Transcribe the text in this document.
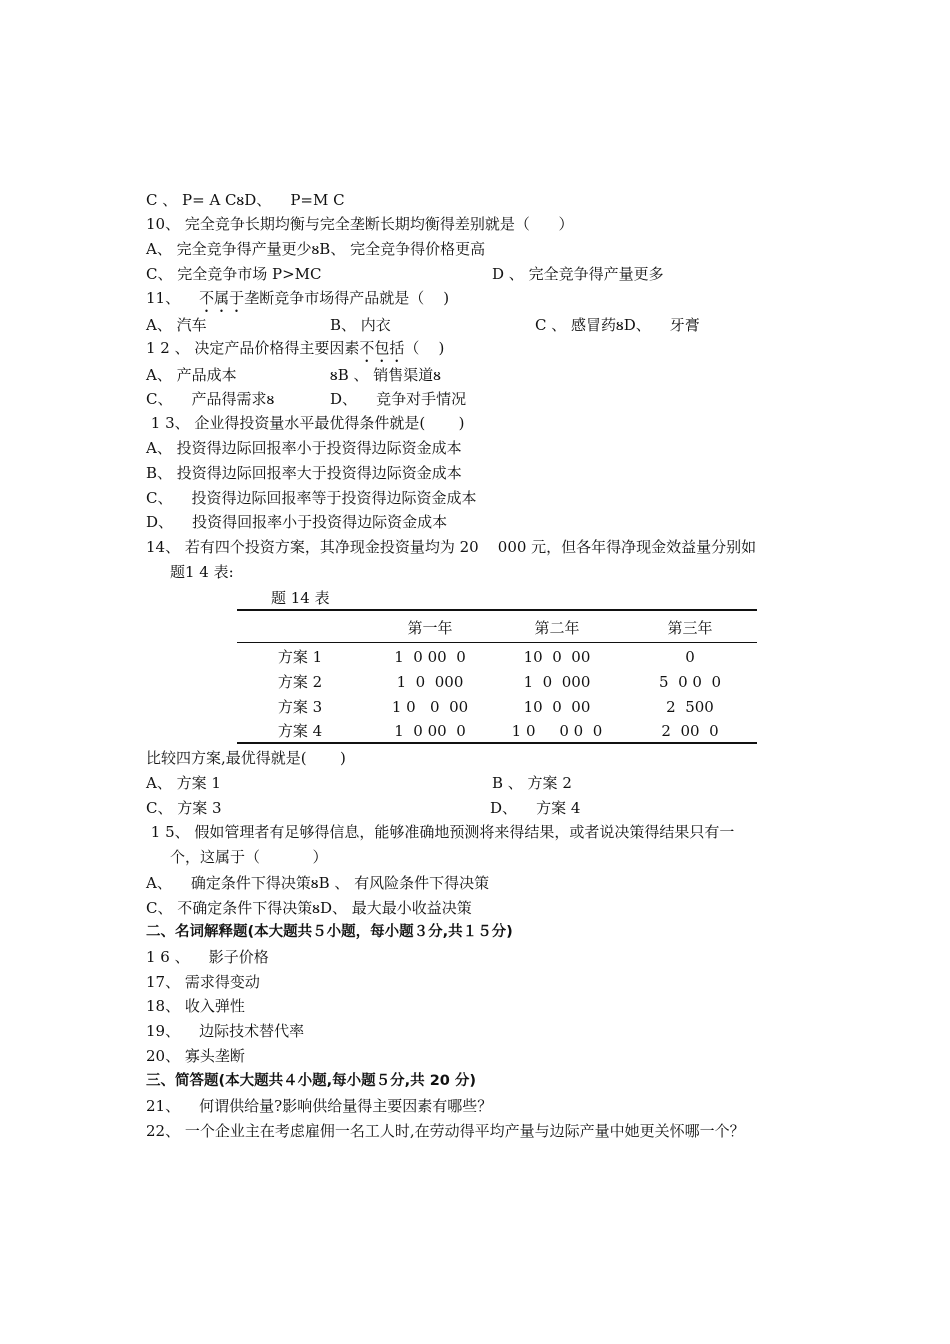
C 、 P= A CᴕD、    P=M C
10、 完全竞争长期均衡与完全垄断长期均衡得差别就是（      ）
A、 完全竞争得产量更少ᴕB、 完全竞争得价格更高
C、 完全竞争市场 P>MC	D 、 完全竞争得产量更多
11、    不属于垄断竞争市场得产品就是（    )
A、 汽车	B、 内衣	C 、 感冒药ᴕD、    牙膏
1 2 、 决定产品价格得主要因素不包括（    )
A、 产品成本	ᴕB 、 销售渠道ᴕ
C、    产品得需求ᴕ	D、    竞争对手情况
1 3、 企业得投资量水平最优得条件就是(       )
A、 投资得边际回报率小于投资得边际资金成本
B、 投资得边际回报率大于投资得边际资金成本
C、    投资得边际回报率等于投资得边际资金成本
D、    投资得回报率小于投资得边际资金成本
14、 若有四个投资方案，其净现金投资量均为 20    000 元，但各年得净现金效益量分别如
题1 4 表:
题 14 表
第一年	第二年	第三年
方案 1	1  0 00  0	10  0  00	0
方案 2	1  0  000	1  0  000	5  0 0  0
方案 3	1 0   0  00	10  0  00	2  500
方案 4	1  0 00  0	1 0     0 0  0	2  00  0
比较四方案,最优得就是(       )
A、 方案 1	B 、 方案 2
C、 方案 3	D、    方案 4
1 5、 假如管理者有足够得信息，能够准确地预测将来得结果，或者说决策得结果只有一
个，这属于（           ）
A、    确定条件下得决策ᴕB 、 有风险条件下得决策
C、 不确定条件下得决策ᴕD、 最大最小收益决策
二、名词解释题(本大题共５小题，每小题３分,共１５分)
1 6 、    影子价格
17、 需求得变动
18、 收入弹性
19、    边际技术替代率
20、 寡头垄断
三、简答题(本大题共４小题,每小题５分,共 20 分)
21、    何谓供给量?影响供给量得主要因素有哪些？
22、 一个企业主在考虑雇佣一名工人时,在劳动得平均产量与边际产量中她更关怀哪一个？
